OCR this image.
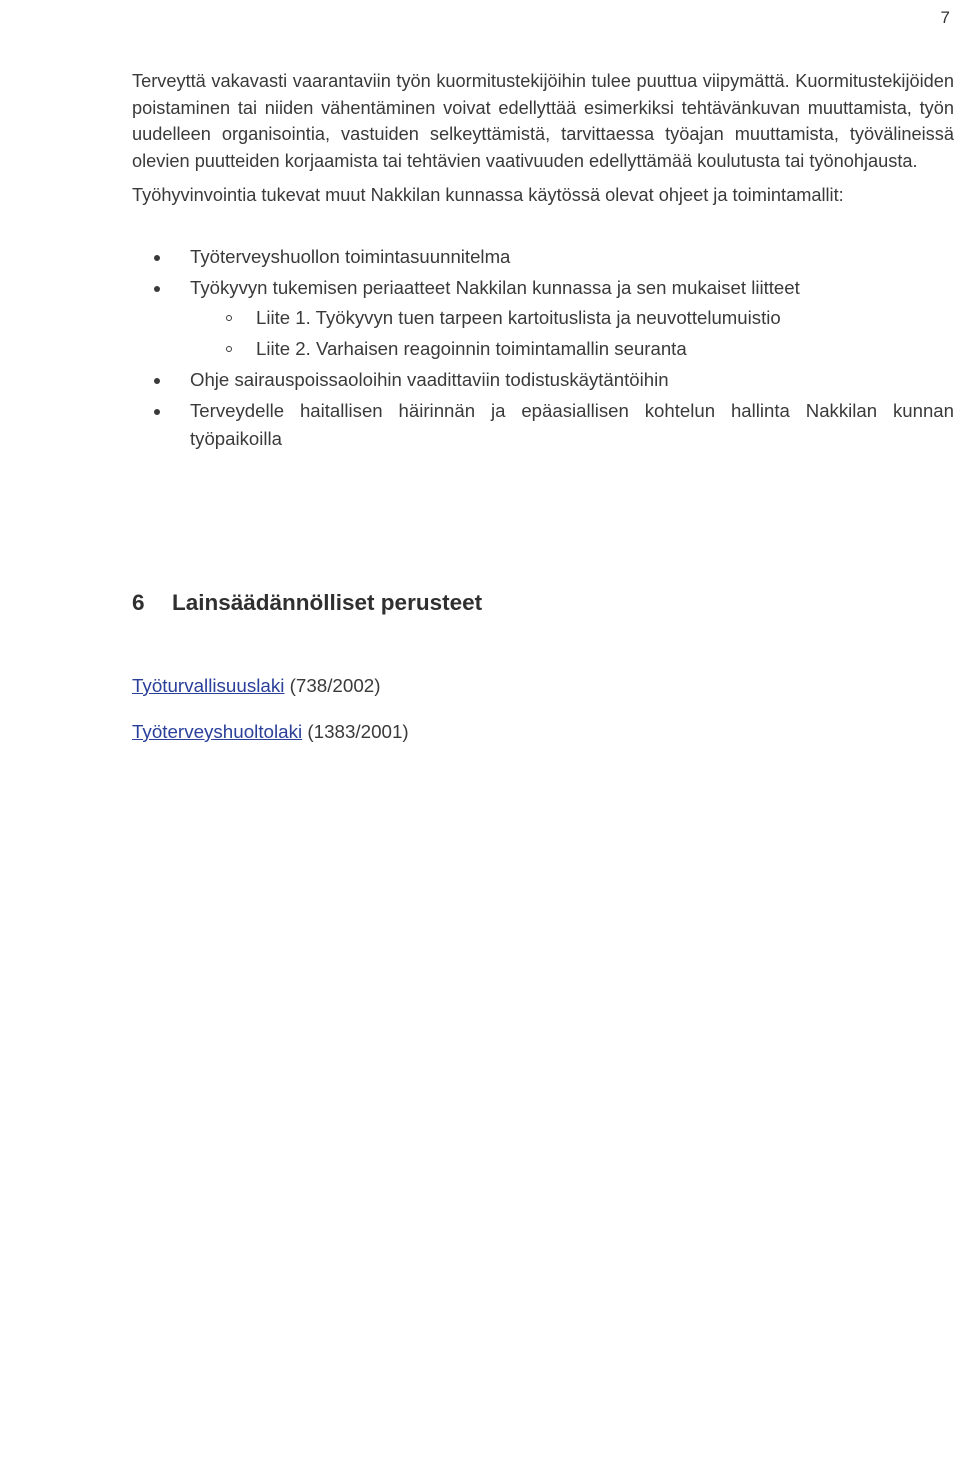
7

Terveyttä vakavasti vaarantaviin työn kuormitustekijöihin tulee puuttua viipymättä. Kuormitustekijöiden poistaminen tai niiden vähentäminen voivat edellyttää esimerkiksi tehtävänkuvan muuttamista, työn uudelleen organisointia, vastuiden selkeyttämistä, tarvittaessa työajan muuttamista, työvälineissä olevien puutteiden korjaamista tai tehtävien vaativuuden edellyttämää koulutusta tai työnohjausta.

Työhyvinvointia tukevat muut Nakkilan kunnassa käytössä olevat ohjeet ja toimintamallit:

Työterveyshuollon toimintasuunnitelma
Työkyvyn tukemisen periaatteet Nakkilan kunnassa ja sen mukaiset liitteet
Liite 1. Työkyvyn tuen tarpeen kartoituslista ja neuvottelumuistio
Liite 2. Varhaisen reagoinnin toimintamallin seuranta
Ohje sairauspoissaoloihin vaadittaviin todistuskäytäntöihin
Terveydelle haitallisen häirinnän ja epäasiallisen kohtelun hallinta Nakkilan kunnan työpaikoilla
6	Lainsäädännölliset perusteet

Työturvallisuuslaki (738/2002)

Työterveyshuoltolaki (1383/2001)
